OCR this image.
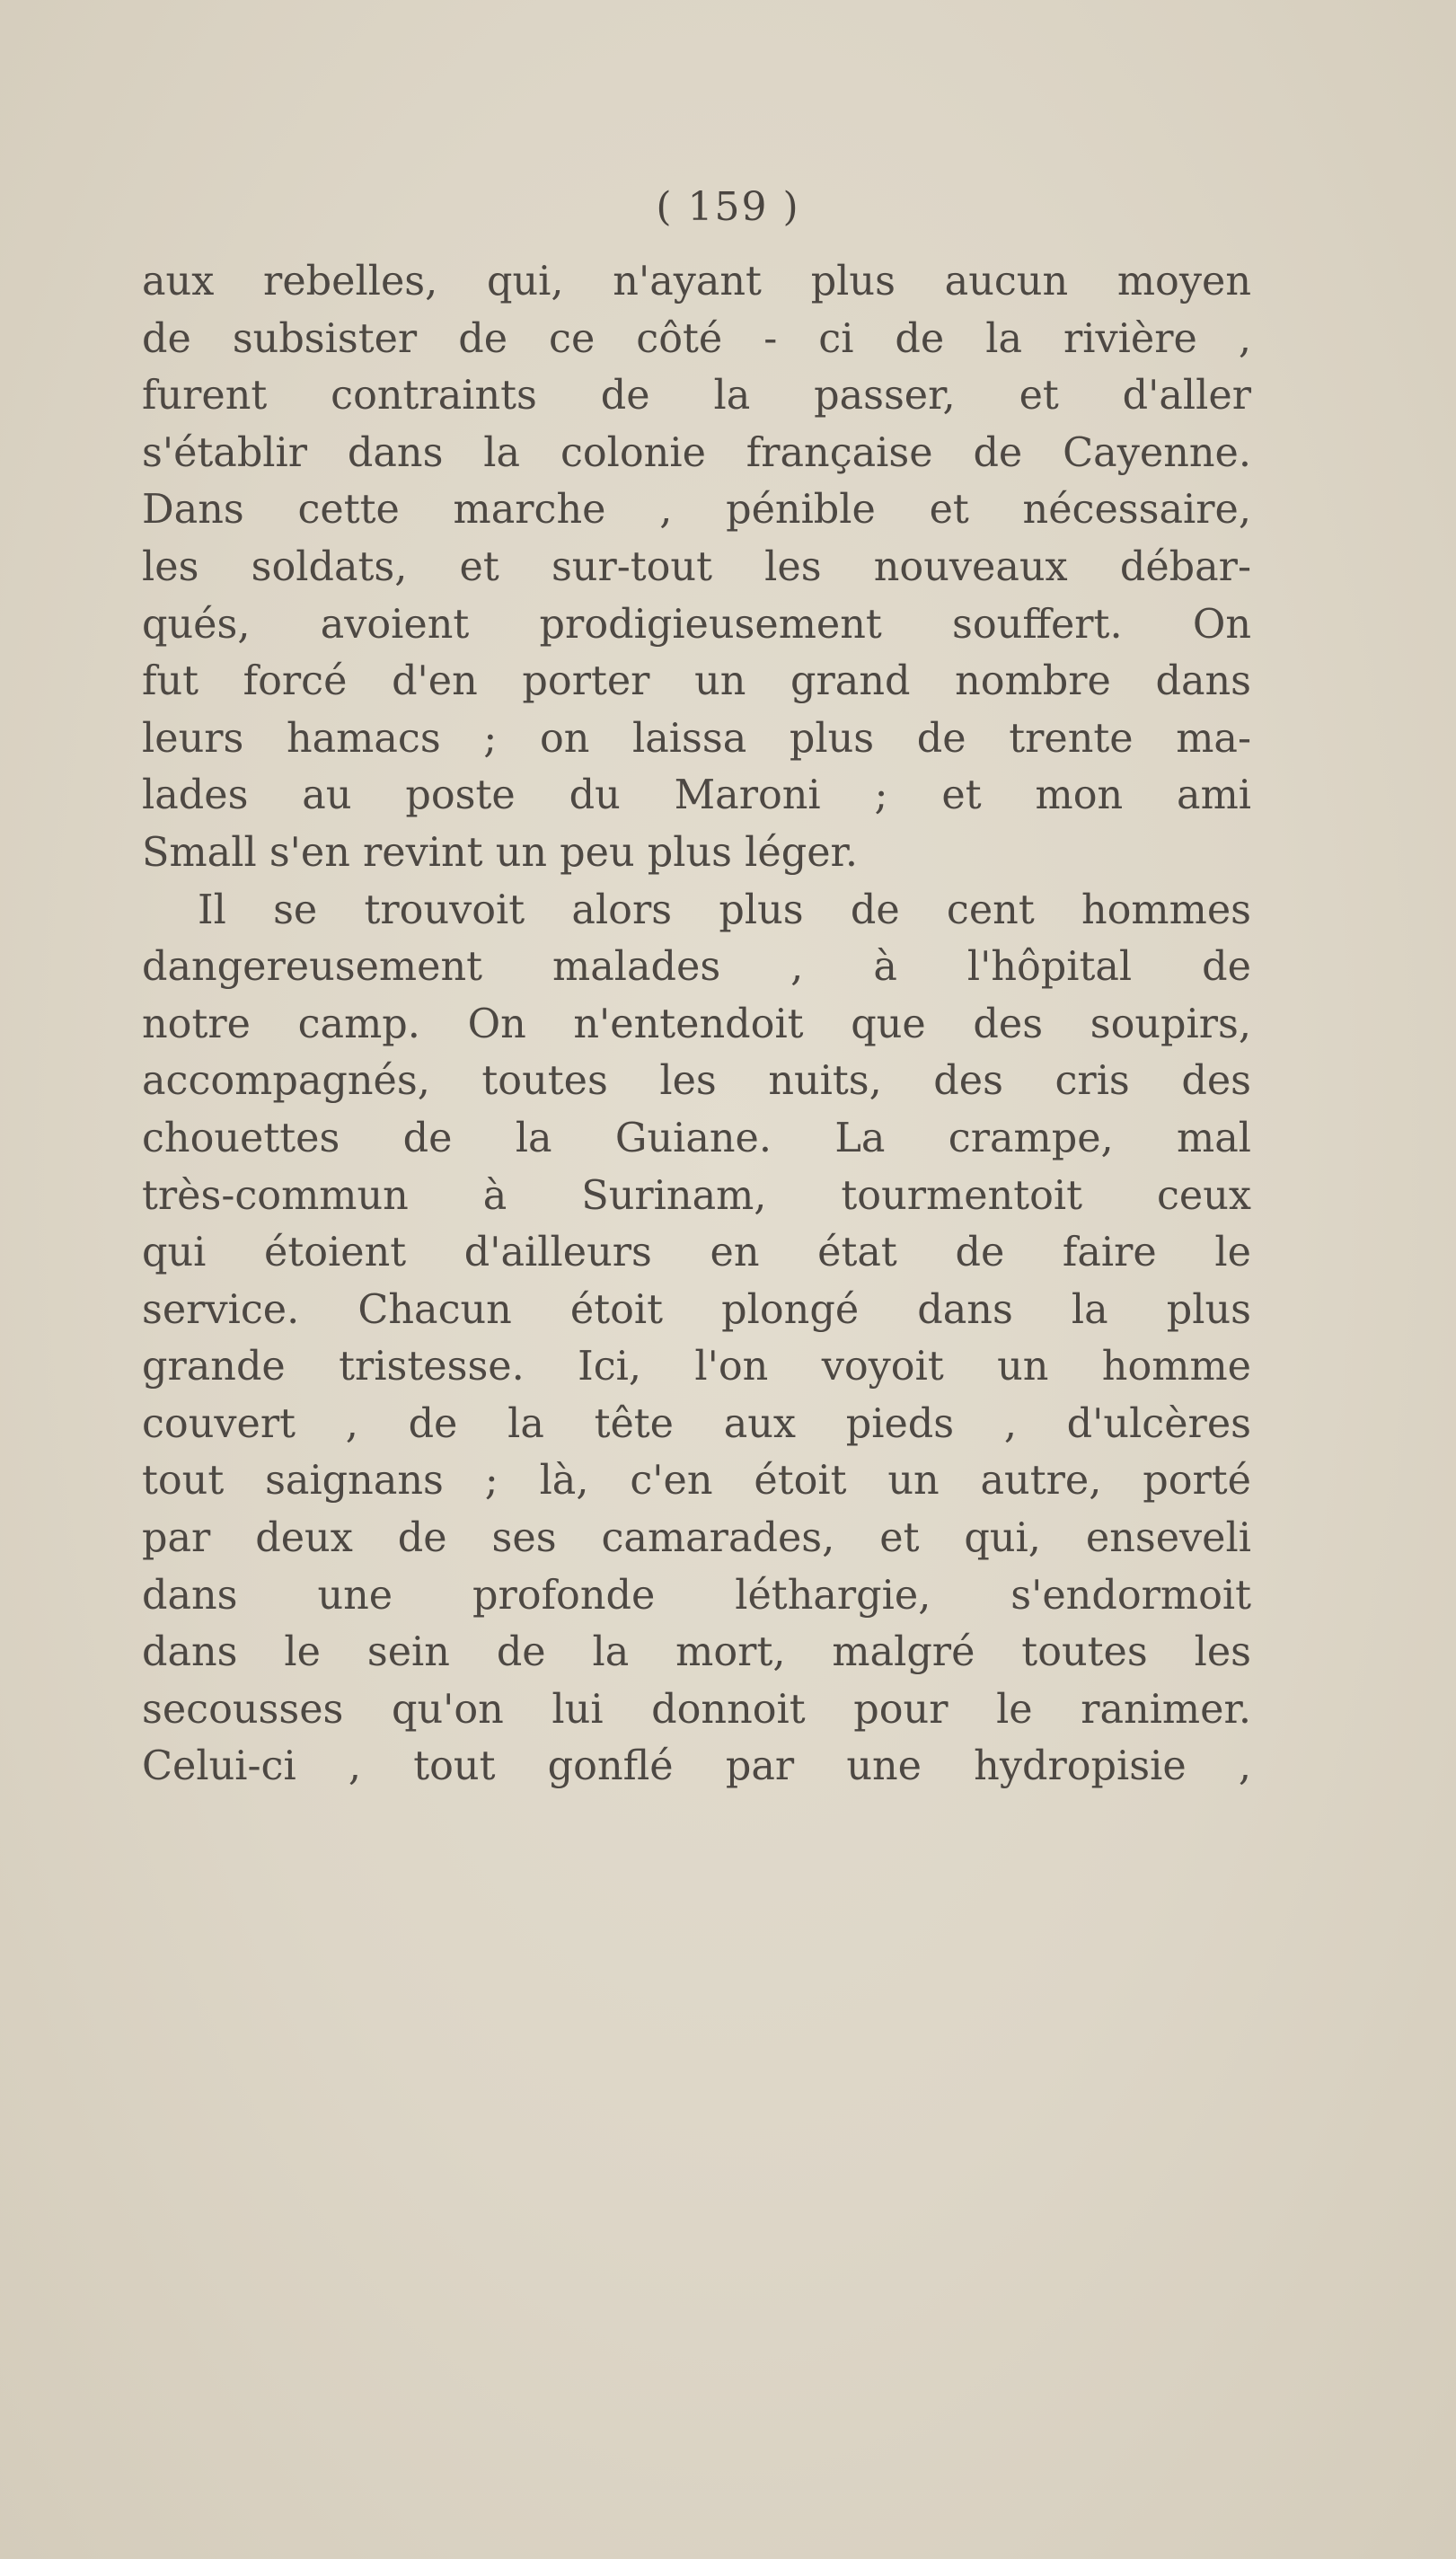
( 159 )
aux rebelles, qui, n'ayant plus aucun moyen
de subsister de ce côté - ci de la rivière ,
furent contraints de la passer, et d'aller
s'établir dans la colonie française de Cayenne.
Dans cette marche , pénible et nécessaire,
les soldats, et sur-tout les nouveaux débar-
qués, avoient prodigieusement souffert. On
fut forcé d'en porter un grand nombre dans
leurs hamacs ; on laissa plus de trente ma-
lades au poste du Maroni ; et mon ami
Small s'en revint un peu plus léger.
Il se trouvoit alors plus de cent hommes
dangereusement malades , à l'hôpital de
notre camp. On n'entendoit que des soupirs,
accompagnés, toutes les nuits, des cris des
chouettes de la Guiane. La crampe, mal
très-commun à Surinam, tourmentoit ceux
qui étoient d'ailleurs en état de faire le
service. Chacun étoit plongé dans la plus
grande tristesse. Ici, l'on voyoit un homme
couvert , de la tête aux pieds , d'ulcères
tout saignans ; là, c'en étoit un autre, porté
par deux de ses camarades, et qui, enseveli
dans une profonde léthargie, s'endormoit
dans le sein de la mort, malgré toutes les
secousses qu'on lui donnoit pour le ranimer.
Celui-ci , tout gonflé par une hydropisie ,
